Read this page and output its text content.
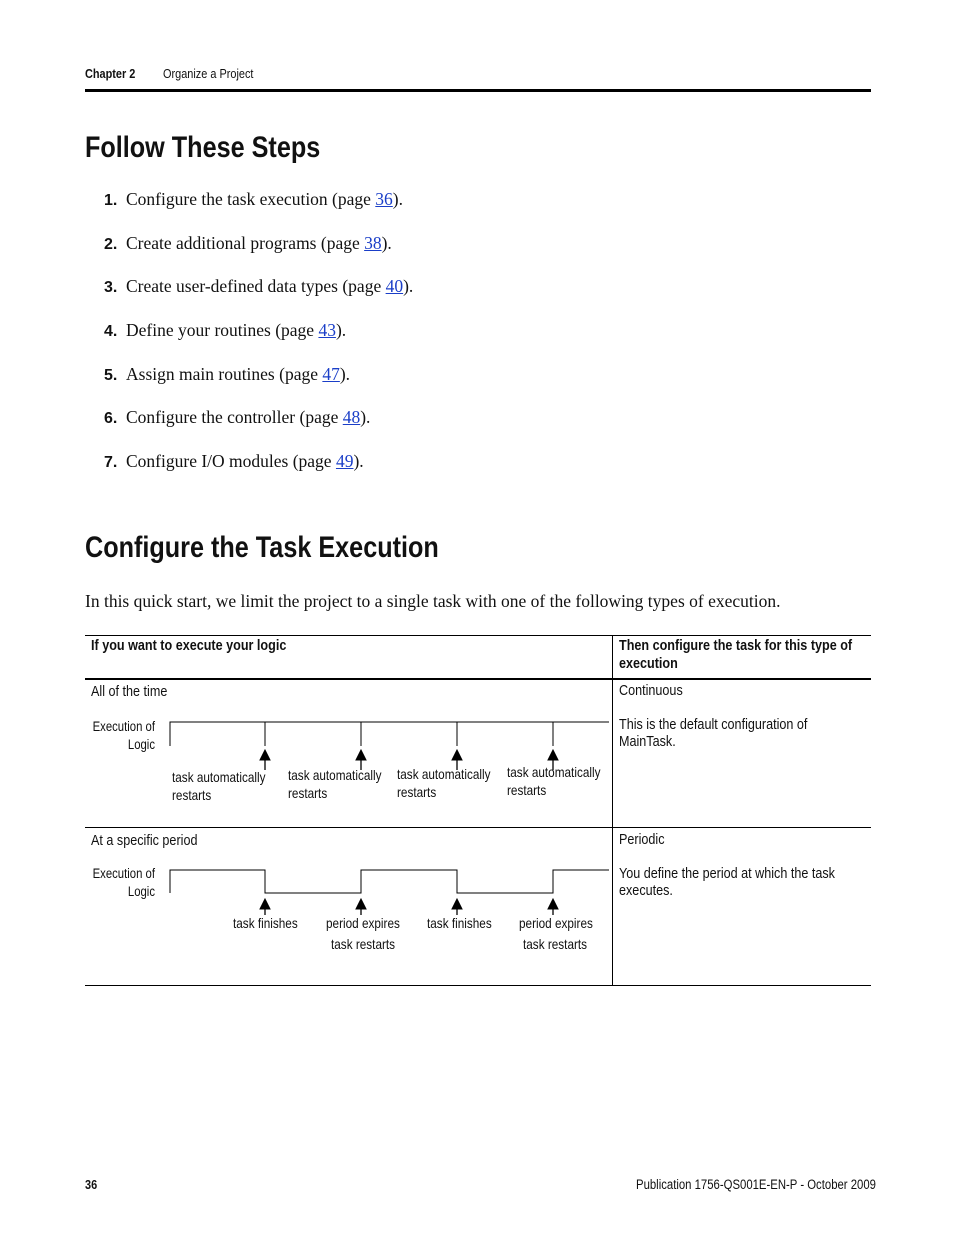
Chapter 2 Organize a Project
Follow These Steps
1. Configure the task execution (page 36).
2. Create additional programs (page 38).
3. Create user-defined data types (page 40).
4. Define your routines (page 43).
5. Assign main routines (page 47).
6. Configure the controller (page 48).
7. Configure I/O modules (page 49).
Configure the Task Execution
In this quick start, we limit the project to a single task with one of the following types of execution.
If you want to execute your logic	Then configure the task for this type of
execution
All of the time	Continuous
This is the default configuration of
MainTask.
Execution of
Logic
task automatically
restarts
task automatically
restarts
task automatically
restarts
task automatically
restarts
At a specific period	Periodic
You define the period at which the task
executes.
Execution of
Logic
task finishes period expires
task restarts
task finishes period expires
task restarts
36	Publication 1756-QS001E-EN-P - October 2009
